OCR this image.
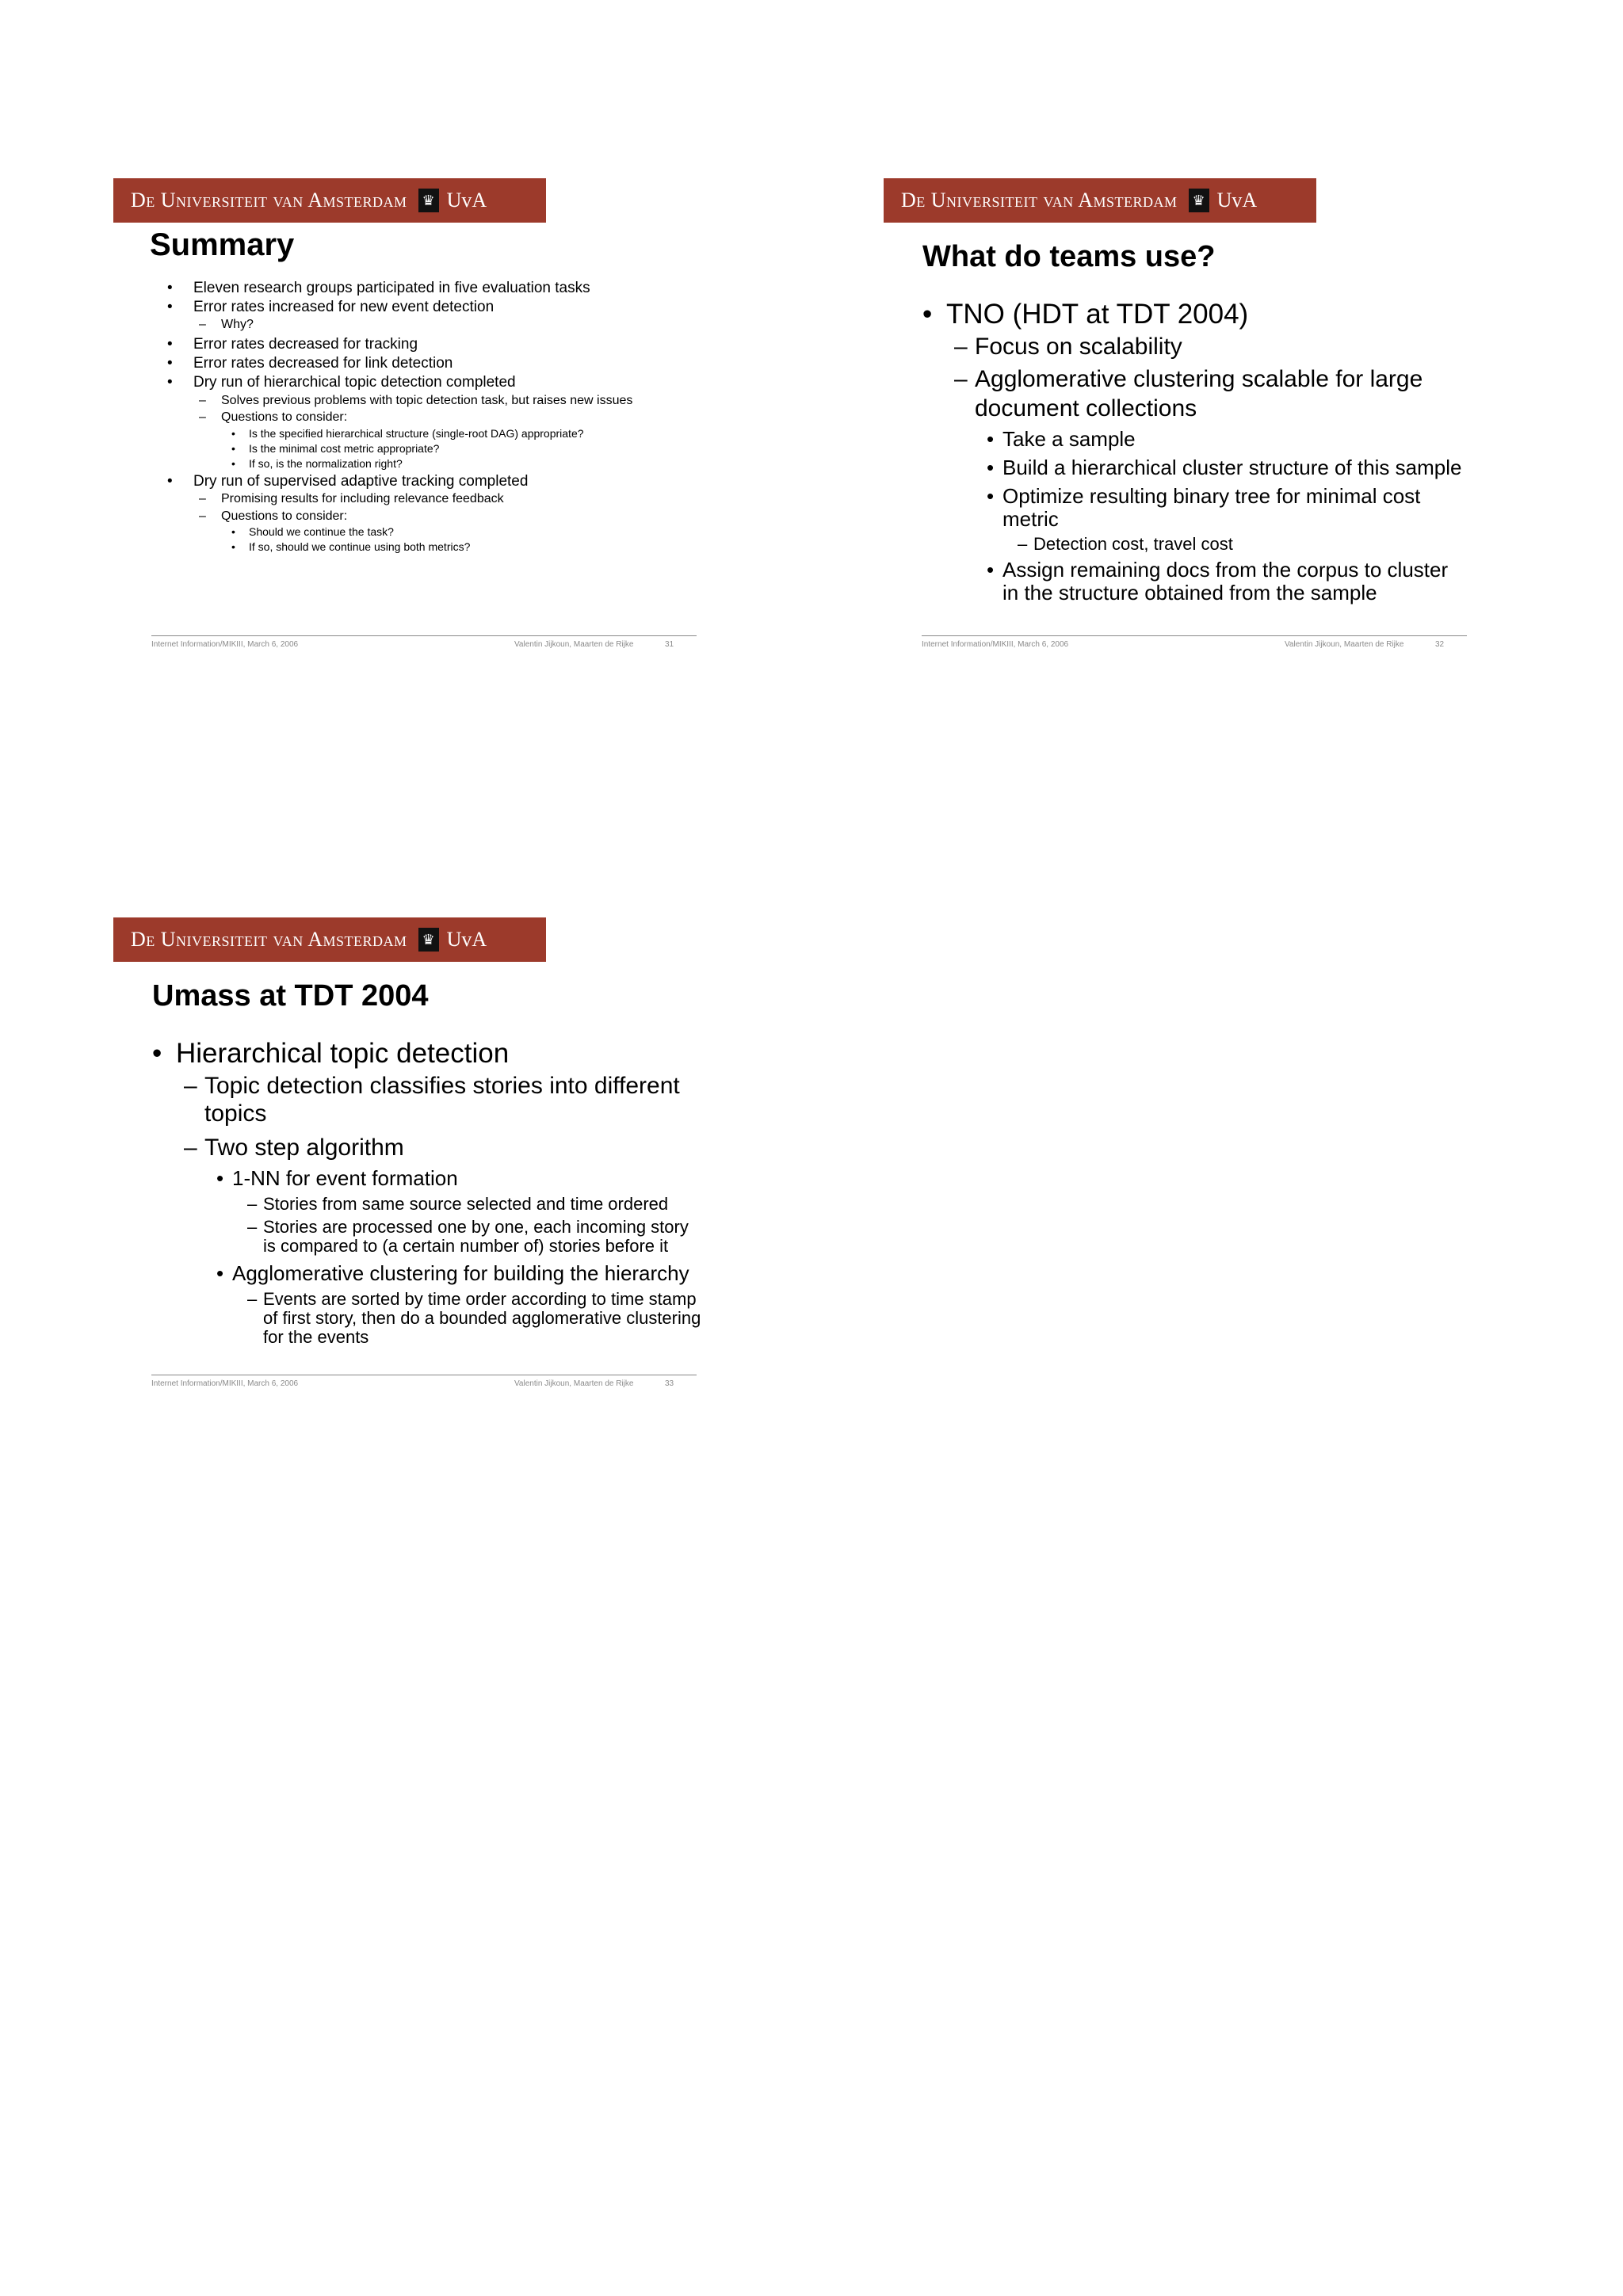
De Universiteit van Amsterdam ♛ UvA
Summary
• Eleven research groups participated in five evaluation tasks
• Error rates increased for new event detection
– Why?
• Error rates decreased for tracking
• Error rates decreased for link detection
• Dry run of hierarchical topic detection completed
– Solves previous problems with topic detection task, but raises new issues
– Questions to consider:
• Is the specified hierarchical structure (single-root DAG) appropriate?
• Is the minimal cost metric appropriate?
• If so, is the normalization right?
• Dry run of supervised adaptive tracking completed
– Promising results for including relevance feedback
– Questions to consider:
• Should we continue the task?
• If so, should we continue using both metrics?
Internet Information/MIKIII, March 6, 2006	Valentin Jijkoun, Maarten de Rijke	31
De Universiteit van Amsterdam ♛ UvA
What do teams use?
• TNO (HDT at TDT 2004)
– Focus on scalability
– Agglomerative clustering scalable for large
document collections
• Take a sample
• Build a hierarchical cluster structure of this sample
• Optimize resulting binary tree for minimal cost
metric
– Detection cost, travel cost
• Assign remaining docs from the corpus to cluster
in the structure obtained from the sample
Internet Information/MIKIII, March 6, 2006	Valentin Jijkoun, Maarten de Rijke	32
De Universiteit van Amsterdam ♛ UvA
Umass at TDT 2004
• Hierarchical topic detection
– Topic detection classifies stories into different
topics
– Two step algorithm
• 1-NN for event formation
– Stories from same source selected and time ordered
– Stories are processed one by one, each incoming story
is compared to (a certain number of) stories before it
• Agglomerative clustering for building the hierarchy
– Events are sorted by time order according to time stamp
of first story, then do a bounded agglomerative clustering
for the events
Internet Information/MIKIII, March 6, 2006	Valentin Jijkoun, Maarten de Rijke	33
